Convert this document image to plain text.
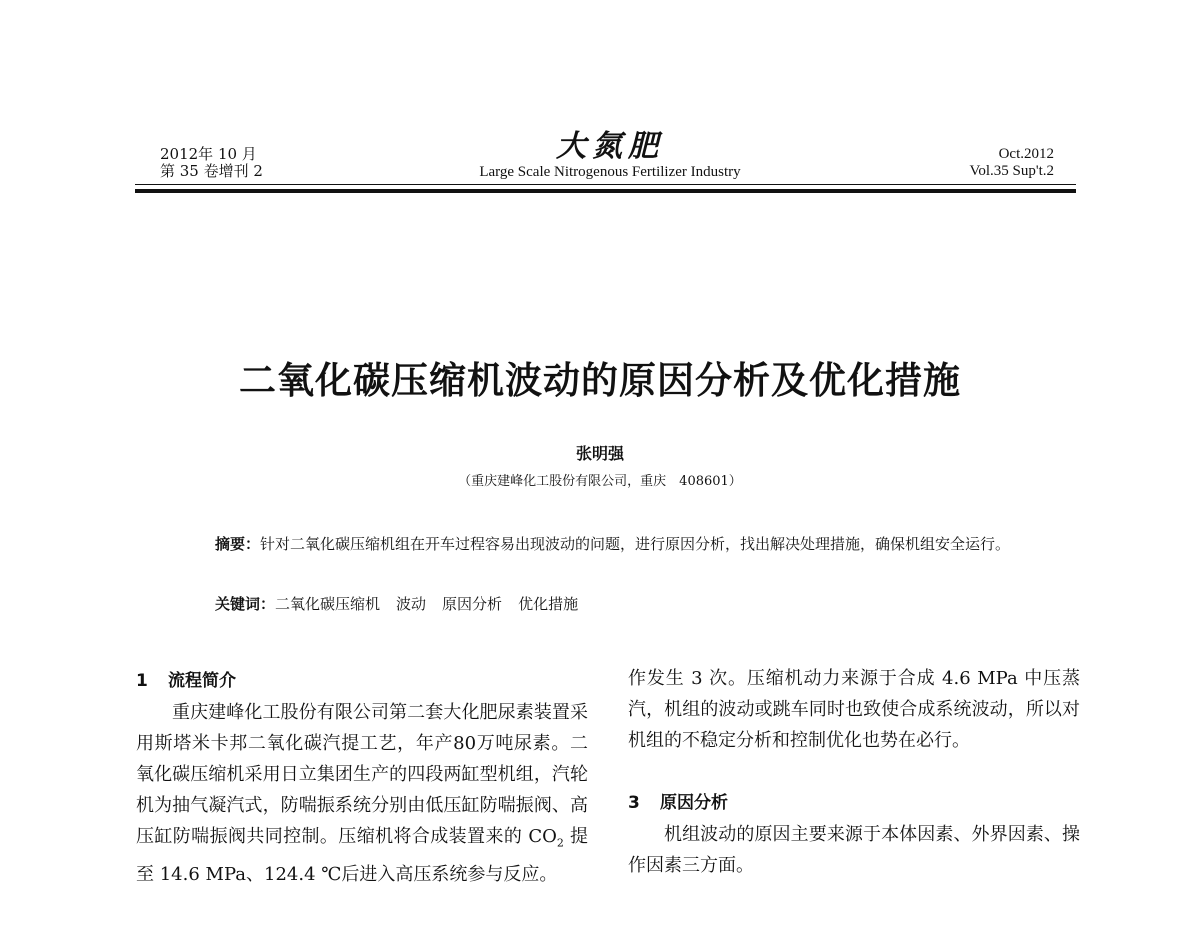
2012年 10 月
第 35 卷增刊 2
大氮肥
Large Scale Nitrogenous Fertilizer Industry
Oct.2012
Vol.35 Sup't.2
二氧化碳压缩机波动的原因分析及优化措施
张明强
（重庆建峰化工股份有限公司，重庆　408601）
摘要：针对二氧化碳压缩机组在开车过程容易出现波动的问题，进行原因分析，找出解决处理措施，确保机组安全运行。
关键词：二氧化碳压缩机 波动 原因分析 优化措施
1 流程简介

重庆建峰化工股份有限公司第二套大化肥尿素装置采用斯塔米卡邦二氧化碳汽提工艺，年产80万吨尿素。二氧化碳压缩机采用日立集团生产的四段两缸型机组，汽轮机为抽气凝汽式，防喘振系统分别由低压缸防喘振阀、高压缸防喘振阀共同控制。压缩机将合成装置来的 $CO_2$ 提至 14.6 MPa、124.4 ℃后进入高压系统参与反应。

作发生 3 次。压缩机动力来源于合成 4.6 MPa 中压蒸汽，机组的波动或跳车同时也致使合成系统波动，所以对机组的不稳定分析和控制优化也势在必行。

3 原因分析

机组波动的原因主要来源于本体因素、外界因素、操作因素三方面。
